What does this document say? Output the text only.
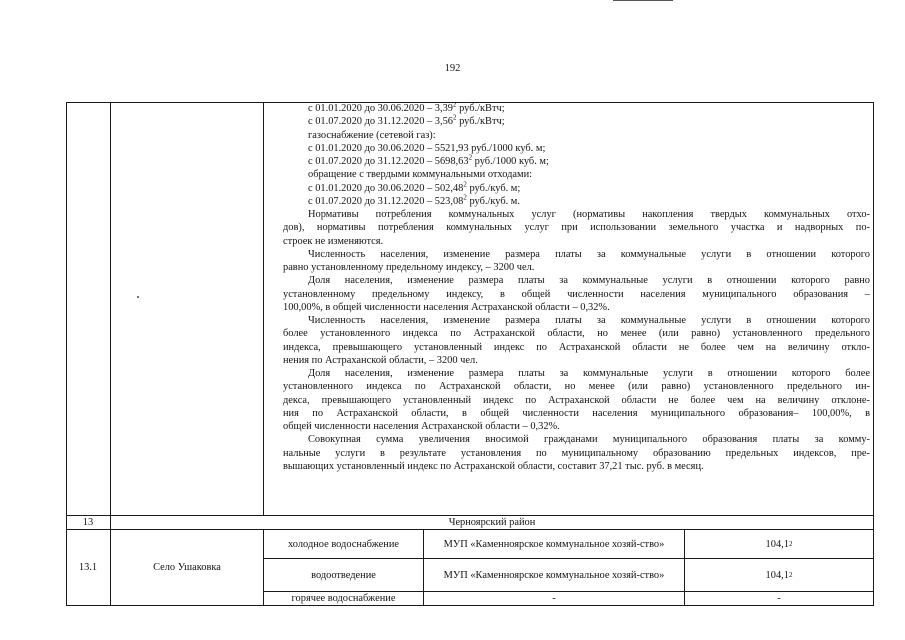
192
с 01.01.2020 до 30.06.2020 – 3,39$^2$ руб./кВтч;
с 01.07.2020 до 31.12.2020 – 3,56$^2$ руб./кВтч;
газоснабжение (сетевой газ):
с 01.01.2020 до 30.06.2020 – 5521,93 руб./1000 куб. м;
с 01.07.2020 до 31.12.2020 – 5698,63$^2$ руб./1000 куб. м;
обращение с твердыми коммунальными отходами:
с 01.01.2020 до 30.06.2020 – 502,48$^2$ руб./куб. м;
с 01.07.2020 до 31.12.2020 – 523,08$^2$ руб./куб. м.
Нормативы потребления коммунальных услуг (нормативы накопления твердых коммунальных отхо-
дов), нормативы потребления коммунальных услуг при использовании земельного участка и надворных по-
строек не изменяются.
Численность населения, изменение размера платы за коммунальные услуги в отношении которого
равно установленному предельному индексу, – 3200 чел.
Доля населения, изменение размера платы за коммунальные услуги в отношении которого равно
установленному предельному индексу, в общей численности населения муниципального образования –
100,00%, в общей численности населения Астраханской области – 0,32%.
Численность населения, изменение размера платы за коммунальные услуги в отношении которого
более установленного индекса по Астраханской области, но менее (или равно) установленного предельного
индекса, превышающего установленный индекс по Астраханской области не более чем на величину откло-
нения по Астраханской области, – 3200 чел.
Доля населения, изменение размера платы за коммунальные услуги в отношении которого более
установленного индекса по Астраханской области, но менее (или равно) установленного предельного ин-
декса, превышающего установленный индекс по Астраханской области не более чем на величину отклоне-
ния по Астраханской области, в общей численности населения муниципального образования– 100,00%, в
общей численности населения Астраханской области – 0,32%.
Совокупная сумма увеличения вносимой гражданами муниципального образования платы за комму-
нальные услуги в результате установления по муниципальному образованию предельных индексов, пре-
вышающих установленный индекс по Астраханской области, составит 37,21 тыс. руб. в месяц.
13	Черноярский район
13.1	Село Ушаковка
холодное водоснабжение	МУП «Каменноярское коммунальное хозяй-ство»	104,1 2
водоотведение	МУП «Каменноярское коммунальное хозяй-ство»	104,1 2
горячее водоснабжение	-	-
